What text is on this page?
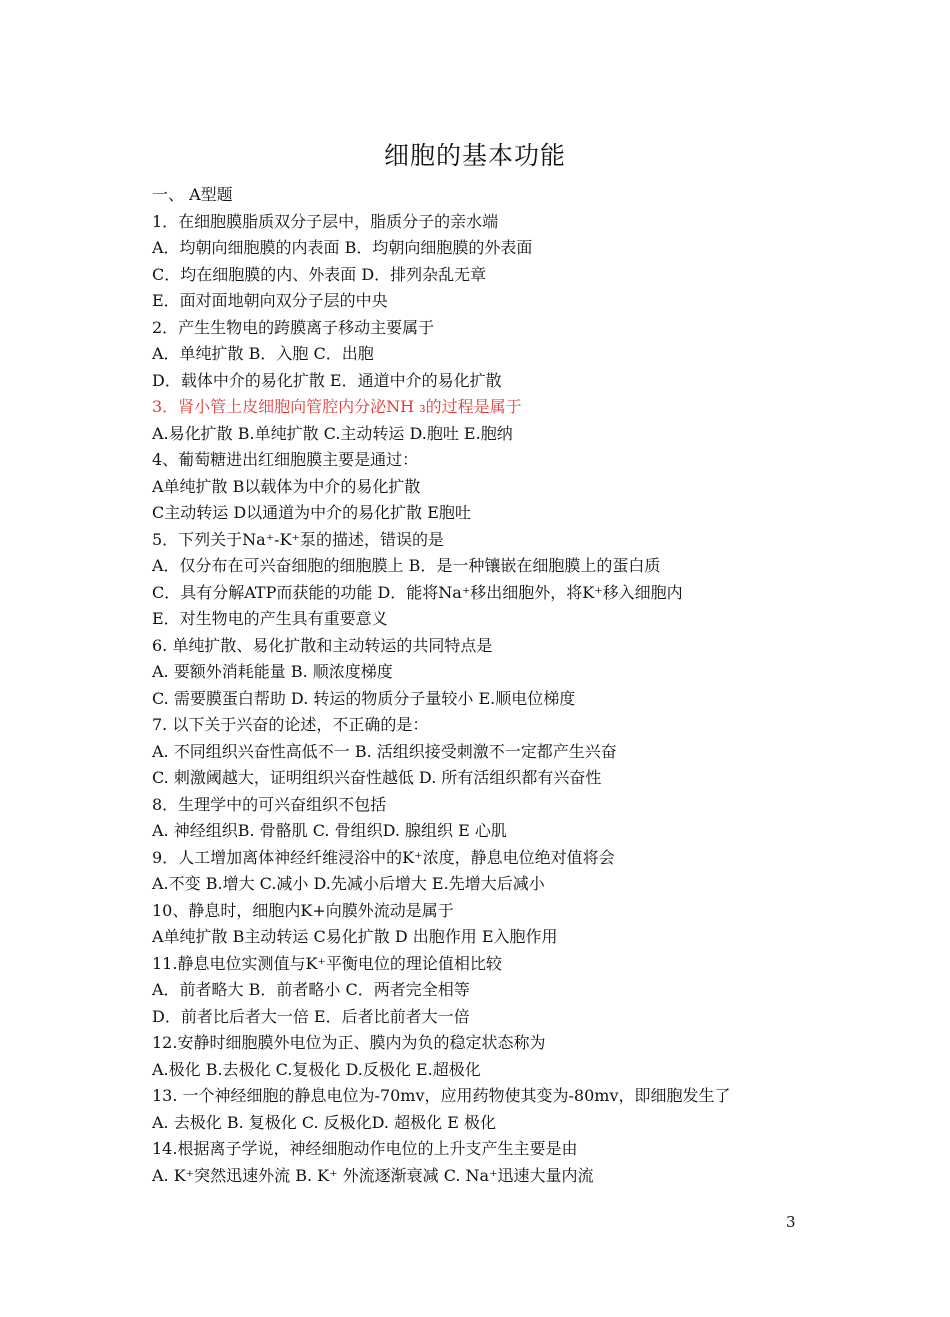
细胞的基本功能
一、 A型题
1．在细胞膜脂质双分子层中，脂质分子的亲水端
A．均朝向细胞膜的内表面 B．均朝向细胞膜的外表面
C．均在细胞膜的内、外表面 D．排列杂乱无章
E．面对面地朝向双分子层的中央
2．产生生物电的跨膜离子移动主要属于
A．单纯扩散 B．入胞 C．出胞
D．载体中介的易化扩散 E．通道中介的易化扩散
3．肾小管上皮细胞向管腔内分泌NH ₃的过程是属于
A.易化扩散 B.单纯扩散 C.主动转运 D.胞吐 E.胞纳
4、葡萄糖进出红细胞膜主要是通过：
A单纯扩散 B以载体为中介的易化扩散
C主动转运 D以通道为中介的易化扩散 E胞吐
5．下列关于Na⁺-K⁺泵的描述，错误的是
A．仅分布在可兴奋细胞的细胞膜上 B．是一种镶嵌在细胞膜上的蛋白质
C．具有分解ATP而获能的功能 D．能将Na⁺移出细胞外，将K⁺移入细胞内
E．对生物电的产生具有重要意义
6. 单纯扩散、易化扩散和主动转运的共同特点是
A. 要额外消耗能量 B. 顺浓度梯度
C. 需要膜蛋白帮助 D. 转运的物质分子量较小 E.顺电位梯度
7. 以下关于兴奋的论述，不正确的是：
A. 不同组织兴奋性高低不一 B. 活组织接受刺激不一定都产生兴奋
C. 刺激阈越大，证明组织兴奋性越低 D. 所有活组织都有兴奋性
8．生理学中的可兴奋组织不包括
A. 神经组织B. 骨骼肌 C. 骨组织D. 腺组织 E 心肌
9．人工增加离体神经纤维浸浴中的K⁺浓度，静息电位绝对值将会
A.不变 B.增大 C.减小 D.先减小后增大 E.先增大后减小
10、静息时，细胞内K+向膜外流动是属于
A单纯扩散 B主动转运 C易化扩散 D 出胞作用 E入胞作用
11.静息电位实测值与K⁺平衡电位的理论值相比较
A．前者略大 B．前者略小 C．两者完全相等
D．前者比后者大一倍 E．后者比前者大一倍
12.安静时细胞膜外电位为正、膜内为负的稳定状态称为
A.极化 B.去极化 C.复极化 D.反极化 E.超极化
13. 一个神经细胞的静息电位为-70mv，应用药物使其变为-80mv，即细胞发生了
A. 去极化 B. 复极化 C. 反极化D. 超极化 E 极化
14.根据离子学说，神经细胞动作电位的上升支产生主要是由
A. K⁺突然迅速外流 B. K⁺ 外流逐渐衰减 C. Na⁺迅速大量内流
3
